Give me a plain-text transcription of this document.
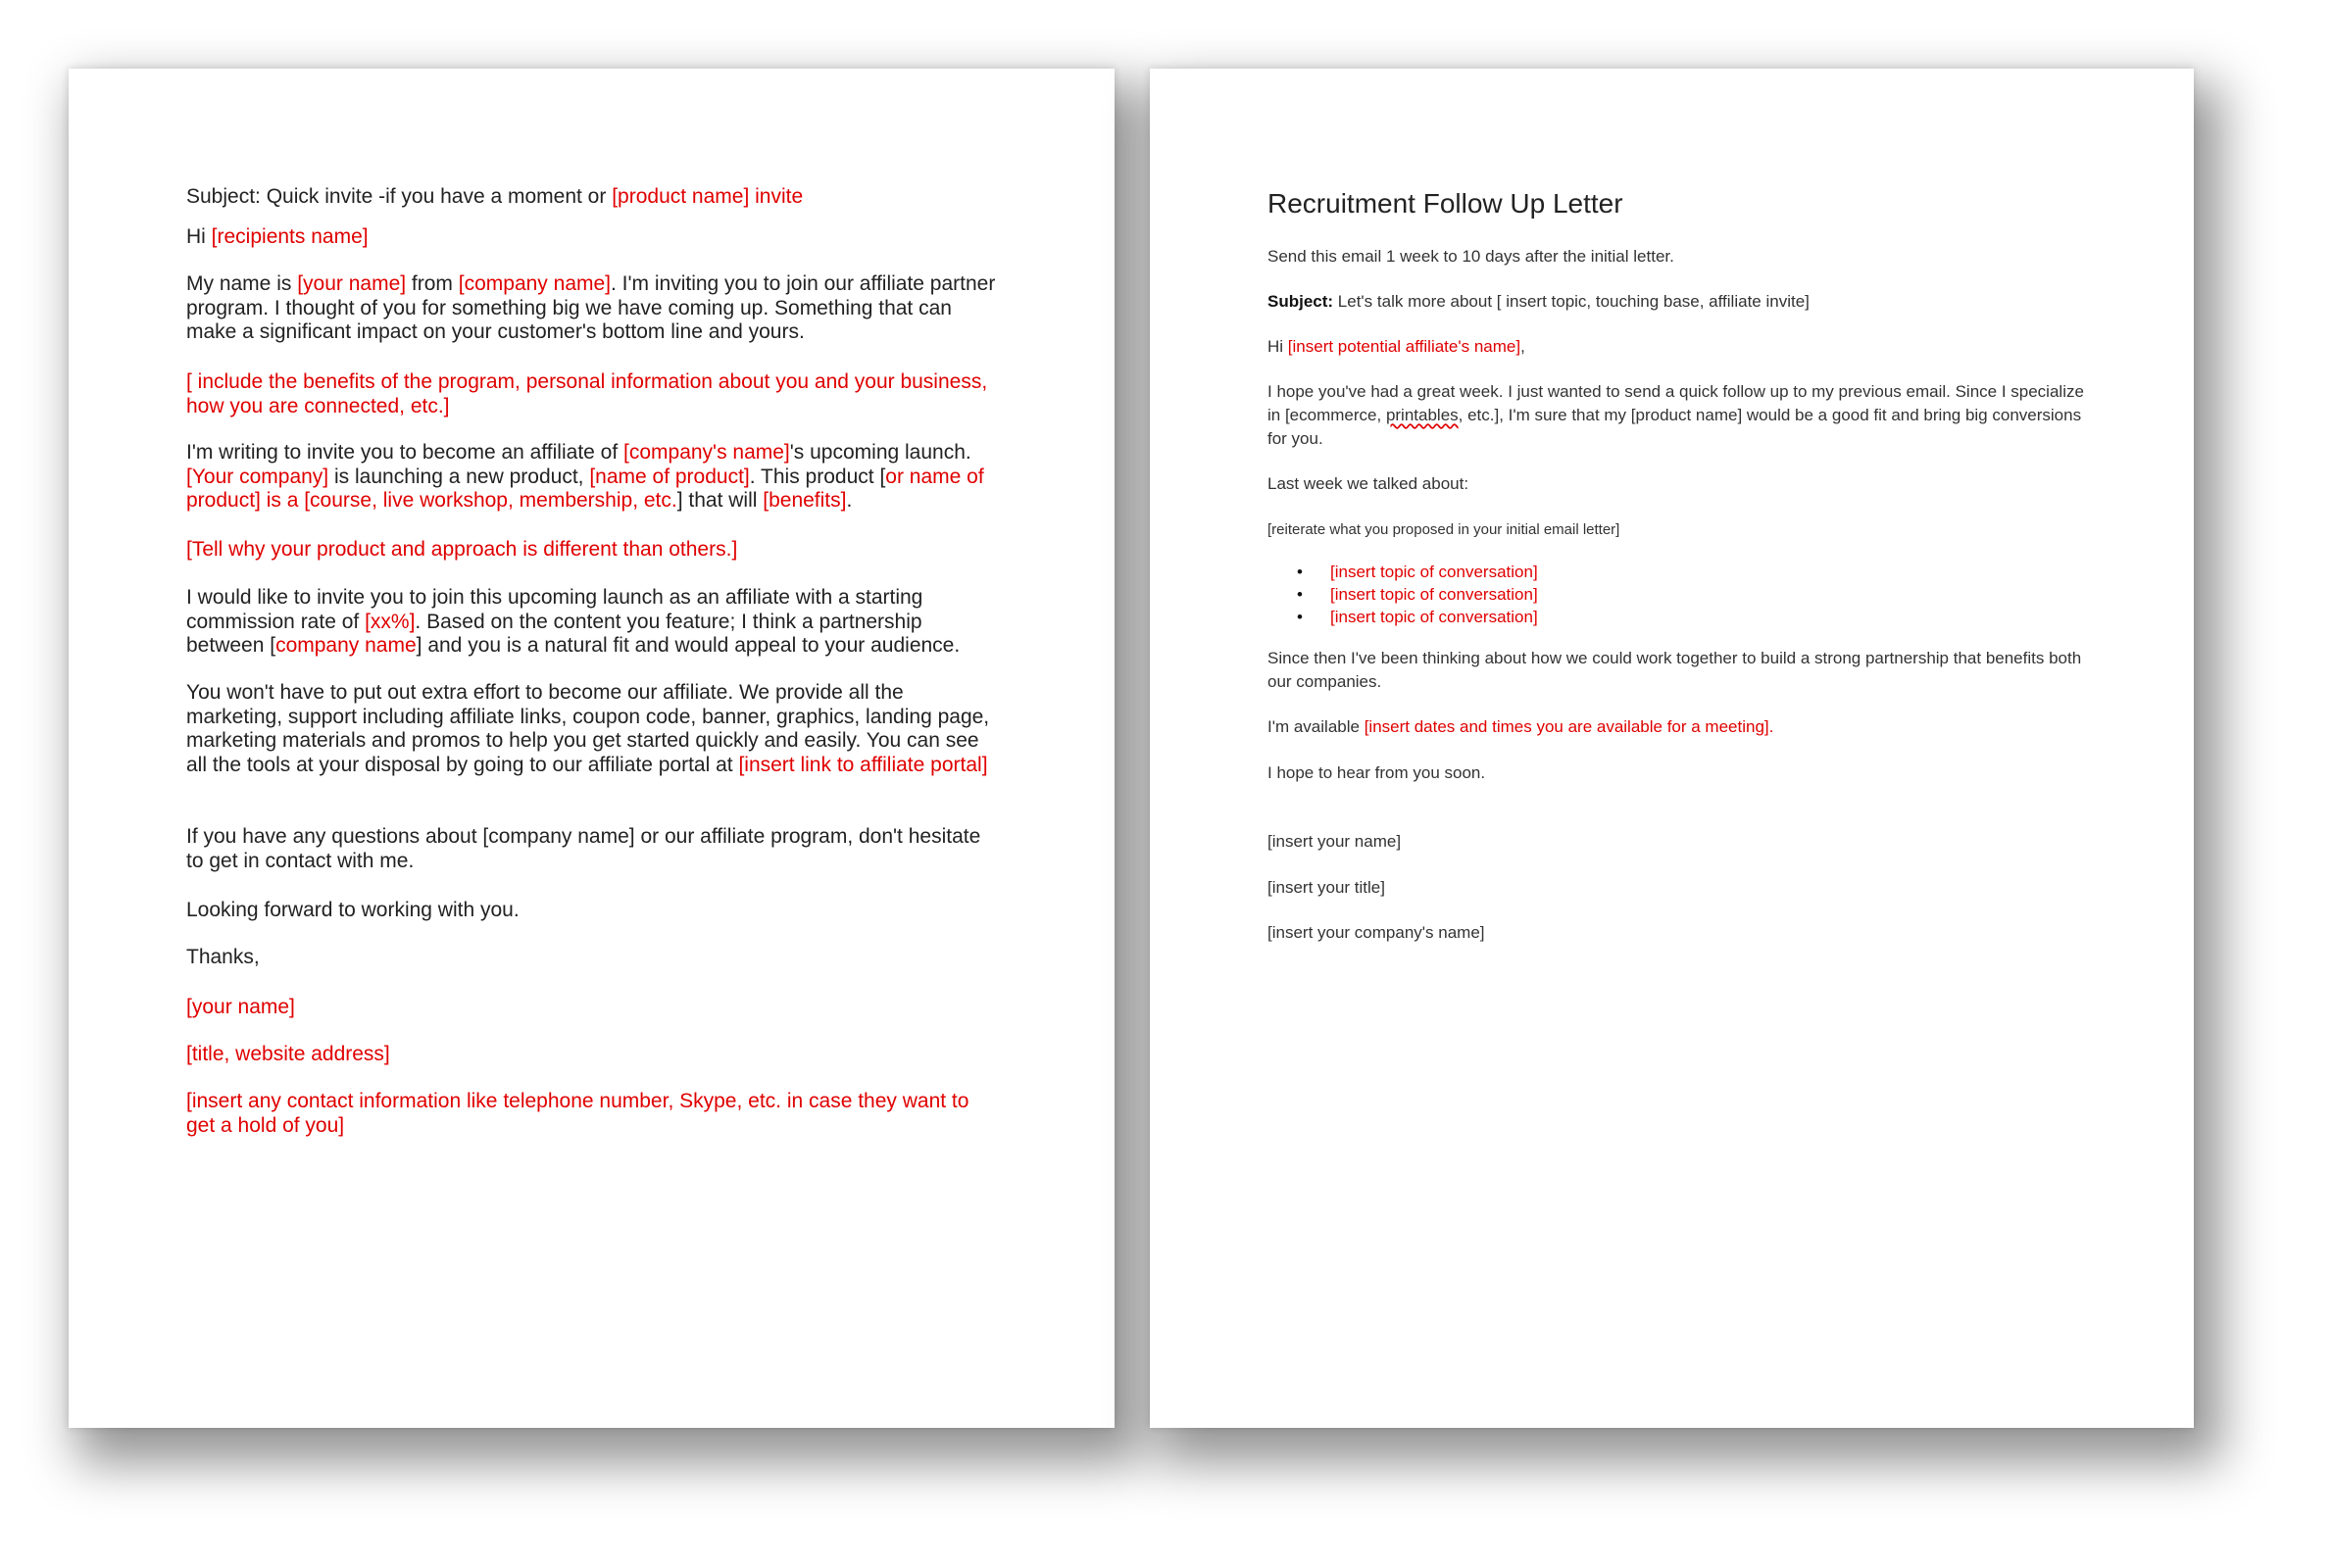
Subject: Quick invite -if you have a moment or [product name] invite

Hi [recipients name]

My name is [your name] from [company name]. I'm inviting you to join our affiliate partner program. I thought of you for something big we have coming up. Something that can make a significant impact on your customer's bottom line and yours.

[ include the benefits of the program, personal information about you and your business, how you are connected, etc.]

I'm writing to invite you to become an affiliate of [company's name]'s upcoming launch. [Your company] is launching a new product, [name of product]. This product [or name of product] is a [course, live workshop, membership, etc.] that will [benefits].

[Tell why your product and approach is different than others.]

I would like to invite you to join this upcoming launch as an affiliate with a starting commission rate of [xx%]. Based on the content you feature; I think a partnership between [company name] and you is a natural fit and would appeal to your audience.

You won't have to put out extra effort to become our affiliate. We provide all the marketing, support including affiliate links, coupon code, banner, graphics, landing page, marketing materials and promos to help you get started quickly and easily. You can see all the tools at your disposal by going to our affiliate portal at [insert link to affiliate portal]

If you have any questions about [company name] or our affiliate program, don't hesitate to get in contact with me.

Looking forward to working with you.

Thanks,

[your name]

[title, website address]

[insert any contact information like telephone number, Skype, etc. in case they want to get a hold of you]

Recruitment Follow Up Letter

Send this email 1 week to 10 days after the initial letter.

Subject: Let's talk more about [ insert topic, touching base, affiliate invite]

Hi [insert potential affiliate's name],

I hope you've had a great week. I just wanted to send a quick follow up to my previous email. Since I specialize in [ecommerce, printables, etc.], I'm sure that my [product name] would be a good fit and bring big conversions for you.

Last week we talked about:

[reiterate what you proposed in your initial email letter]

• [insert topic of conversation]
• [insert topic of conversation]
• [insert topic of conversation]

Since then I've been thinking about how we could work together to build a strong partnership that benefits both our companies.

I'm available [insert dates and times you are available for a meeting].

I hope to hear from you soon.

[insert your name]

[insert your title]

[insert your company's name]
